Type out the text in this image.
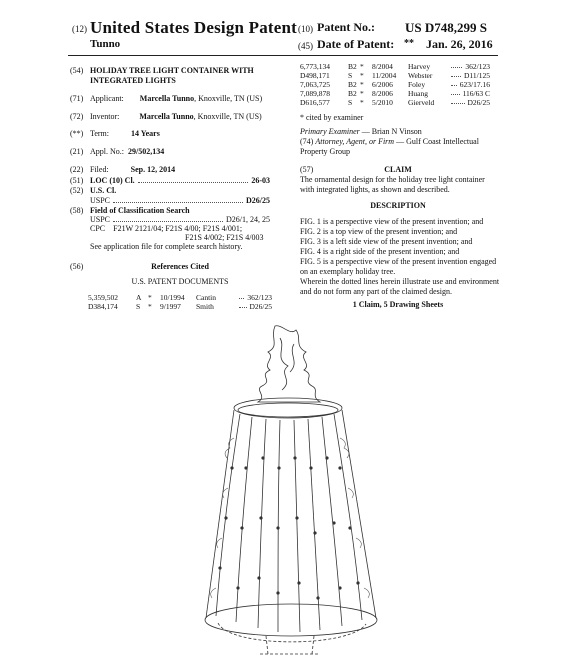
(12) United States Design Patent
Tunno
(10) Patent No.: US D748,299 S
(45) Date of Patent: ** Jan. 26, 2016
(54) HOLIDAY TREE LIGHT CONTAINER WITH INTEGRATED LIGHTS
(71) Applicant: Marcella Tunno, Knoxville, TN (US)
(72) Inventor:	Marcella Tunno, Knoxville, TN (US)
(**) Term:	14 Years
(21) Appl. No.: 29/502,134
(22) Filed:	Sep. 12, 2014
(51) LOC (10) Cl.	26-03
(52) U.S. Cl.
USPC	D26/25
(58) Field of Classification Search
USPC	D26/1, 24, 25
CPC F21W 2121/04; F21S 4/00; F21S 4/001;
F21S 4/002; F21S 4/003
See application file for complete search history.
(56)	References Cited
U.S. PATENT DOCUMENTS
5,359,502	A *	10/1994	Cantin	362/123
D384,174	S	*	9/1997	Smith	D26/25
6,773,134	B2 *	8/2004	Harvey	362/123
D498,171	S	*	11/2004	Webster	D11/125
7,063,725	B2 *	6/2006	Foley	623/17.16
7,089,878	B2 *	8/2006	Huang	116/63 C
D616,577	S	*	5/2010	Gierveld	D26/25
* cited by examiner
Primary Examiner — Brian N Vinson
(74) Attorney, Agent, or Firm — Gulf Coast Intellectual Property Group
(57)	CLAIM
The ornamental design for the holiday tree light container with integrated lights, as shown and described.
DESCRIPTION
FIG. 1 is a perspective view of the present invention; and
FIG. 2 is a top view of the present invention; and
FIG. 3 is a left side view of the present invention; and
FIG. 4 is a right side of the present invention; and
FIG. 5 is a perspective view of the present invention engaged on an exemplary holiday tree.
Wherein the dotted lines herein illustrate use and environment and do not form any part of the claimed design.
1 Claim, 5 Drawing Sheets
